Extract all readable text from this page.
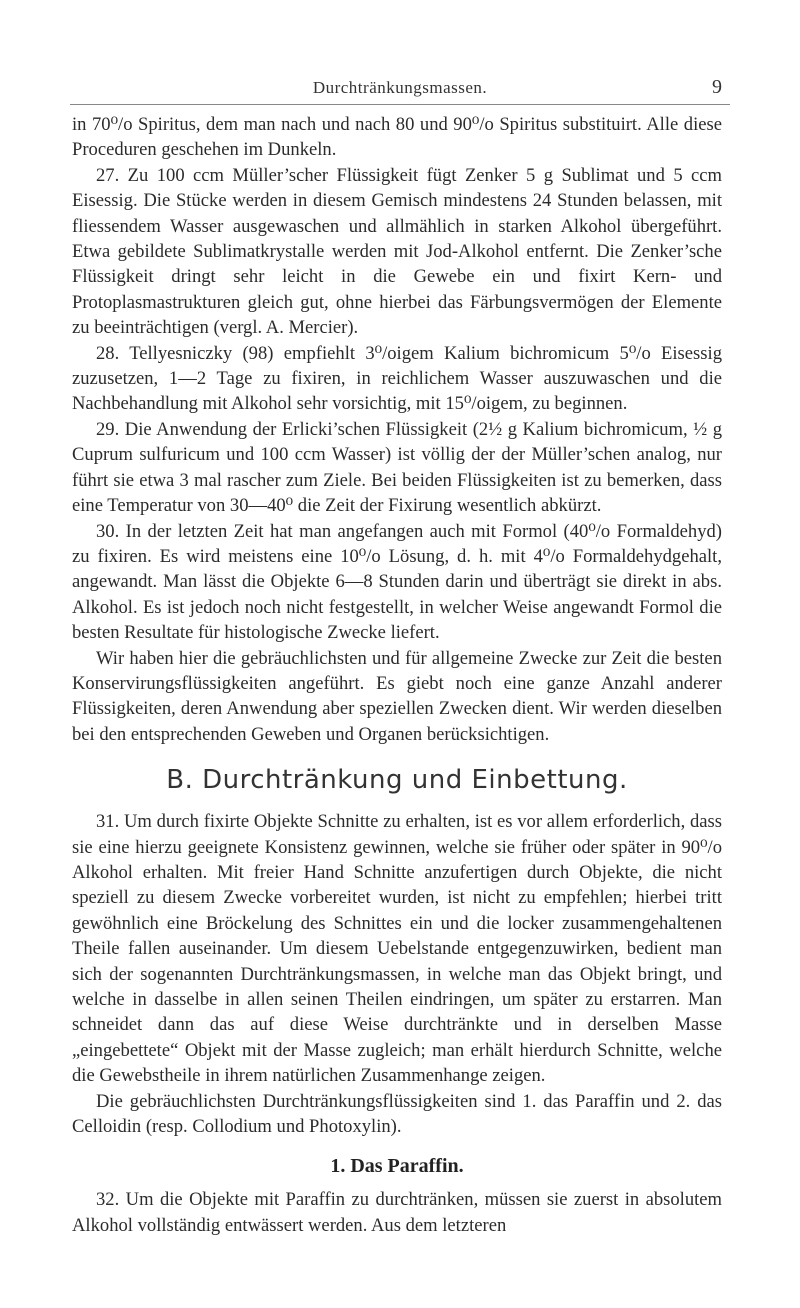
Durchtränkungsmassen.	9

in 70⁰/o Spiritus, dem man nach und nach 80 und 90⁰/o Spiritus substituirt. Alle diese Proceduren geschehen im Dunkeln.

27. Zu 100 ccm Müller’scher Flüssigkeit fügt Zenker 5 g Sublimat und 5 ccm Eisessig. Die Stücke werden in diesem Gemisch mindestens 24 Stunden belassen, mit fliessendem Wasser ausgewaschen und allmählich in starken Alkohol übergeführt. Etwa gebildete Sublimatkrystalle werden mit Jod-Alkohol entfernt. Die Zenker’sche Flüssigkeit dringt sehr leicht in die Gewebe ein und fixirt Kern- und Protoplasmastrukturen gleich gut, ohne hierbei das Färbungsvermögen der Elemente zu beeinträchtigen (vergl. A. Mercier).

28. Tellyesniczky (98) empfiehlt 3⁰/oigem Kalium bichromicum 5⁰/o Eisessig zuzusetzen, 1—2 Tage zu fixiren, in reichlichem Wasser auszuwaschen und die Nachbehandlung mit Alkohol sehr vorsichtig, mit 15⁰/oigem, zu beginnen.

29. Die Anwendung der Erlicki’schen Flüssigkeit (2½ g Kalium bichromicum, ½ g Cuprum sulfuricum und 100 ccm Wasser) ist völlig der der Müller’schen analog, nur führt sie etwa 3 mal rascher zum Ziele. Bei beiden Flüssigkeiten ist zu bemerken, dass eine Temperatur von 30—40⁰ die Zeit der Fixirung wesentlich abkürzt.

30. In der letzten Zeit hat man angefangen auch mit Formol (40⁰/o Formaldehyd) zu fixiren. Es wird meistens eine 10⁰/o Lösung, d. h. mit 4⁰/o Formaldehydgehalt, angewandt. Man lässt die Objekte 6—8 Stunden darin und überträgt sie direkt in abs. Alkohol. Es ist jedoch noch nicht festgestellt, in welcher Weise angewandt Formol die besten Resultate für histologische Zwecke liefert.

Wir haben hier die gebräuchlichsten und für allgemeine Zwecke zur Zeit die besten Konservirungsflüssigkeiten angeführt. Es giebt noch eine ganze Anzahl anderer Flüssigkeiten, deren Anwendung aber speziellen Zwecken dient. Wir werden dieselben bei den entsprechenden Geweben und Organen berücksichtigen.

B. Durchtränkung und Einbettung.

31. Um durch fixirte Objekte Schnitte zu erhalten, ist es vor allem erforderlich, dass sie eine hierzu geeignete Konsistenz gewinnen, welche sie früher oder später in 90⁰/o Alkohol erhalten. Mit freier Hand Schnitte anzufertigen durch Objekte, die nicht speziell zu diesem Zwecke vorbereitet wurden, ist nicht zu empfehlen; hierbei tritt gewöhnlich eine Bröckelung des Schnittes ein und die locker zusammengehaltenen Theile fallen auseinander. Um diesem Uebelstande entgegenzuwirken, bedient man sich der sogenannten Durchtränkungsmassen, in welche man das Objekt bringt, und welche in dasselbe in allen seinen Theilen eindringen, um später zu erstarren. Man schneidet dann das auf diese Weise durchtränkte und in derselben Masse „eingebettete“ Objekt mit der Masse zugleich; man erhält hierdurch Schnitte, welche die Gewebstheile in ihrem natürlichen Zusammenhange zeigen.

Die gebräuchlichsten Durchtränkungsflüssigkeiten sind 1. das Paraffin und 2. das Celloidin (resp. Collodium und Photoxylin).

1. Das Paraffin.

32. Um die Objekte mit Paraffin zu durchtränken, müssen sie zuerst in absolutem Alkohol vollständig entwässert werden. Aus dem letzteren
